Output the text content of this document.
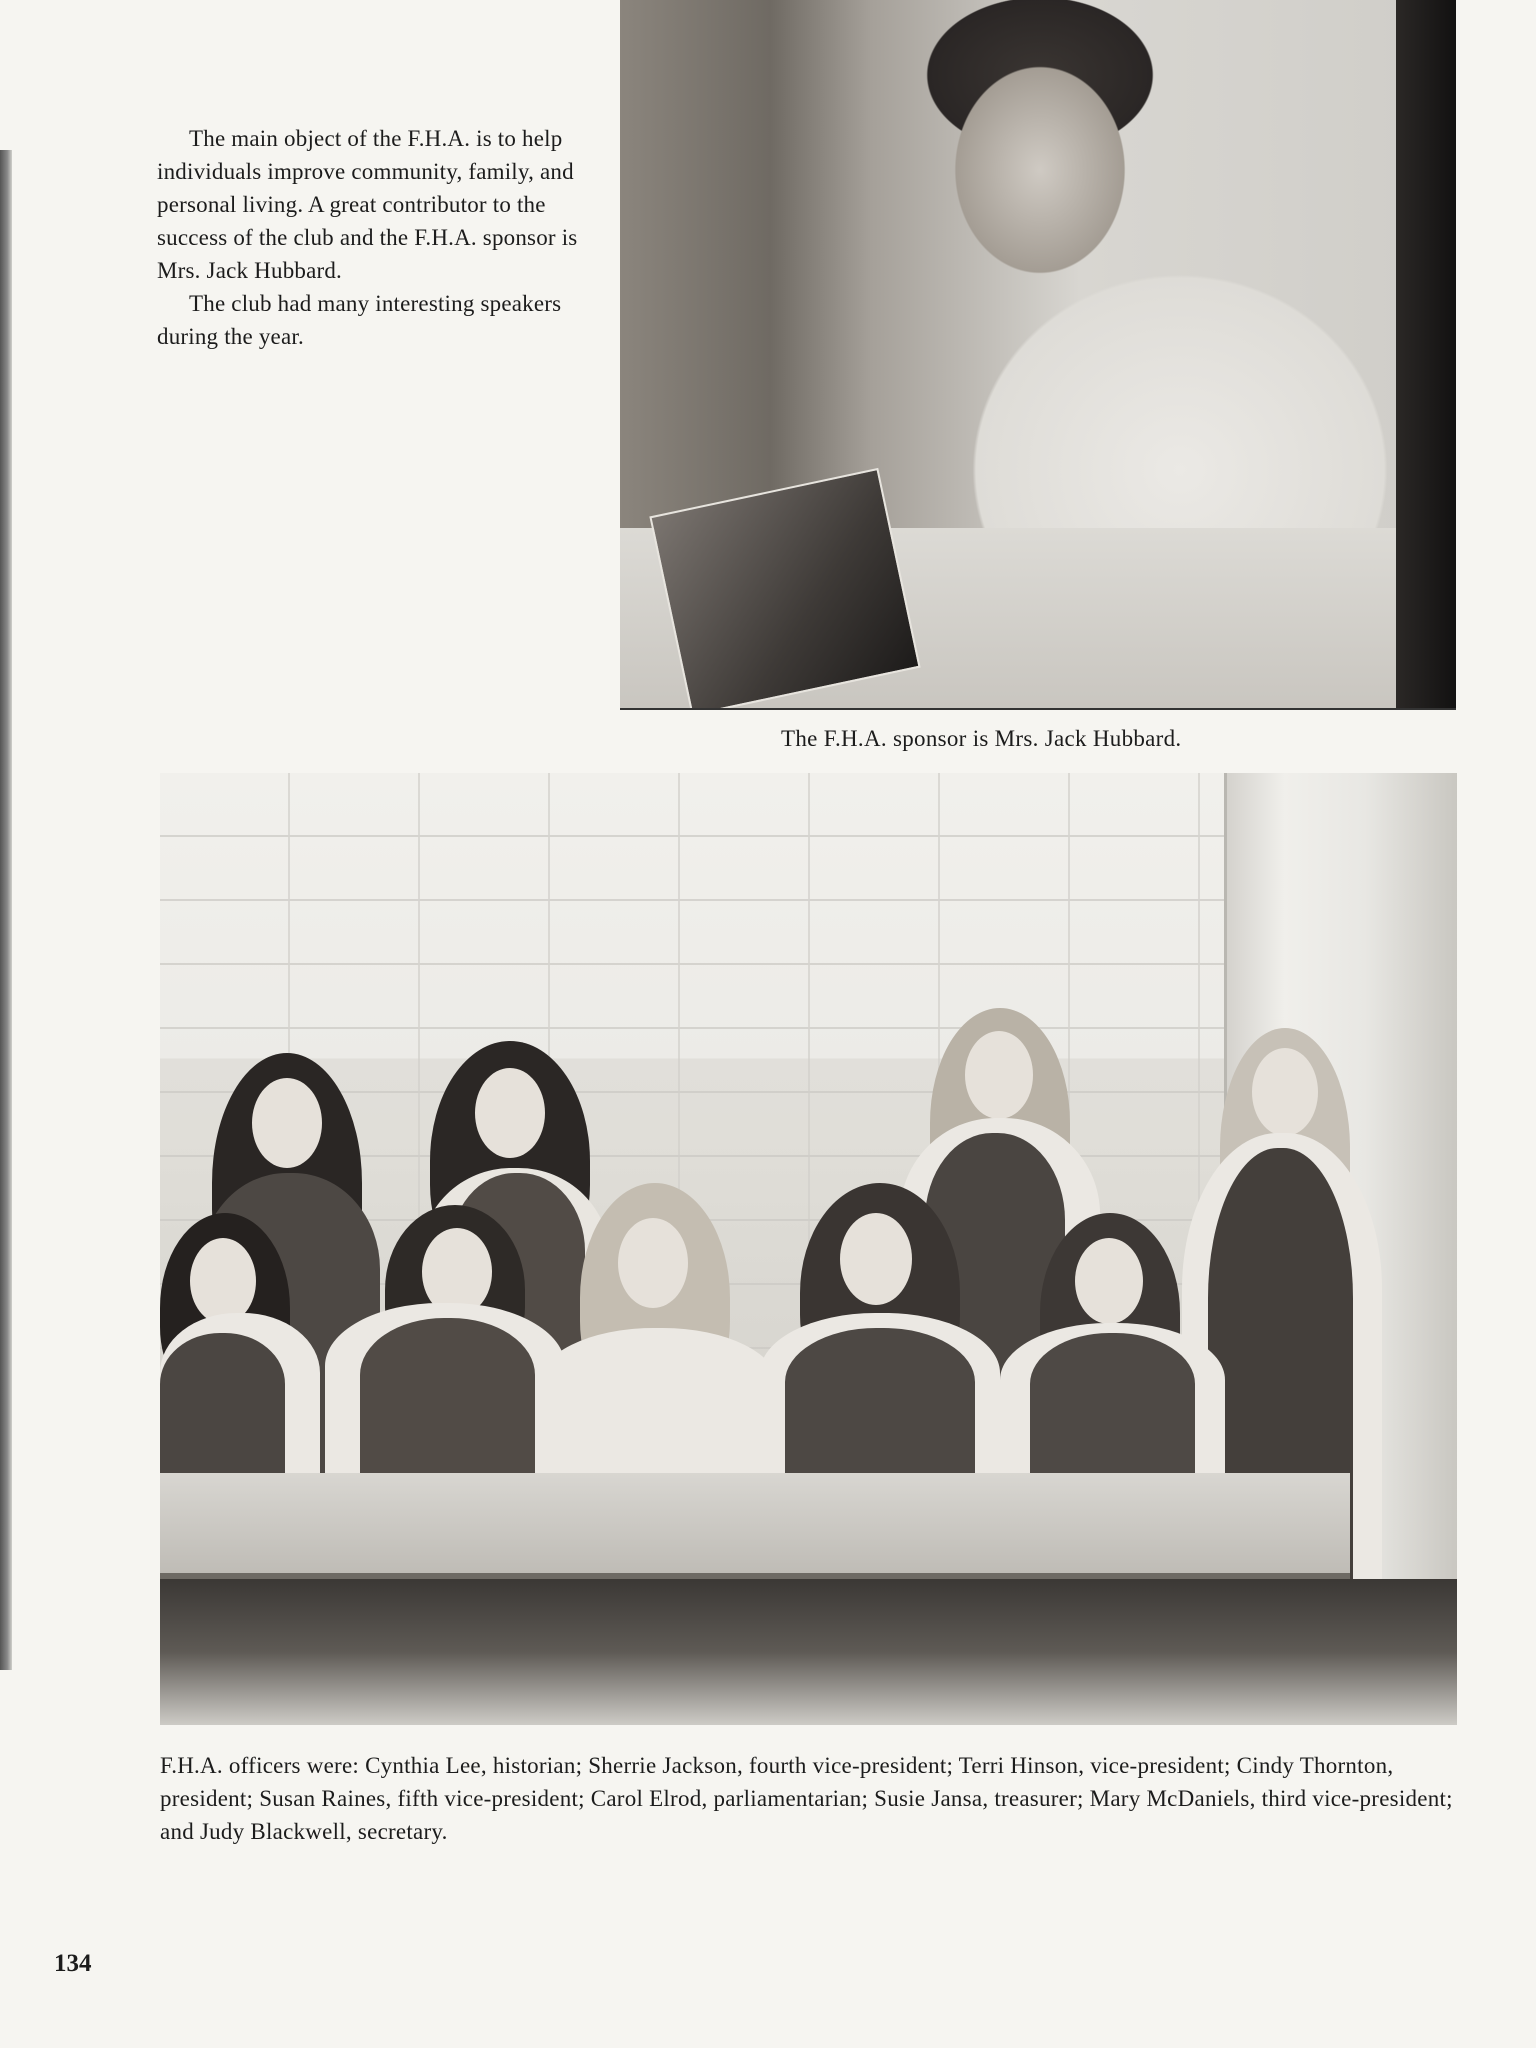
The main object of the F.H.A. is to help individuals improve community, family, and personal living. A great contributor to the success of the club and the F.H.A. sponsor is Mrs. Jack Hubbard.

The club had many interesting speakers during the year.

The F.H.A. sponsor is Mrs. Jack Hubbard.
F.H.A. officers were: Cynthia Lee, historian; Sherrie Jackson, fourth vice-president; Terri Hinson, vice-president; Cindy Thornton, president; Susan Raines, fifth vice-president; Carol Elrod, parliamentarian; Susie Jansa, treasurer; Mary McDaniels, third vice-president; and Judy Blackwell, secretary.
134
